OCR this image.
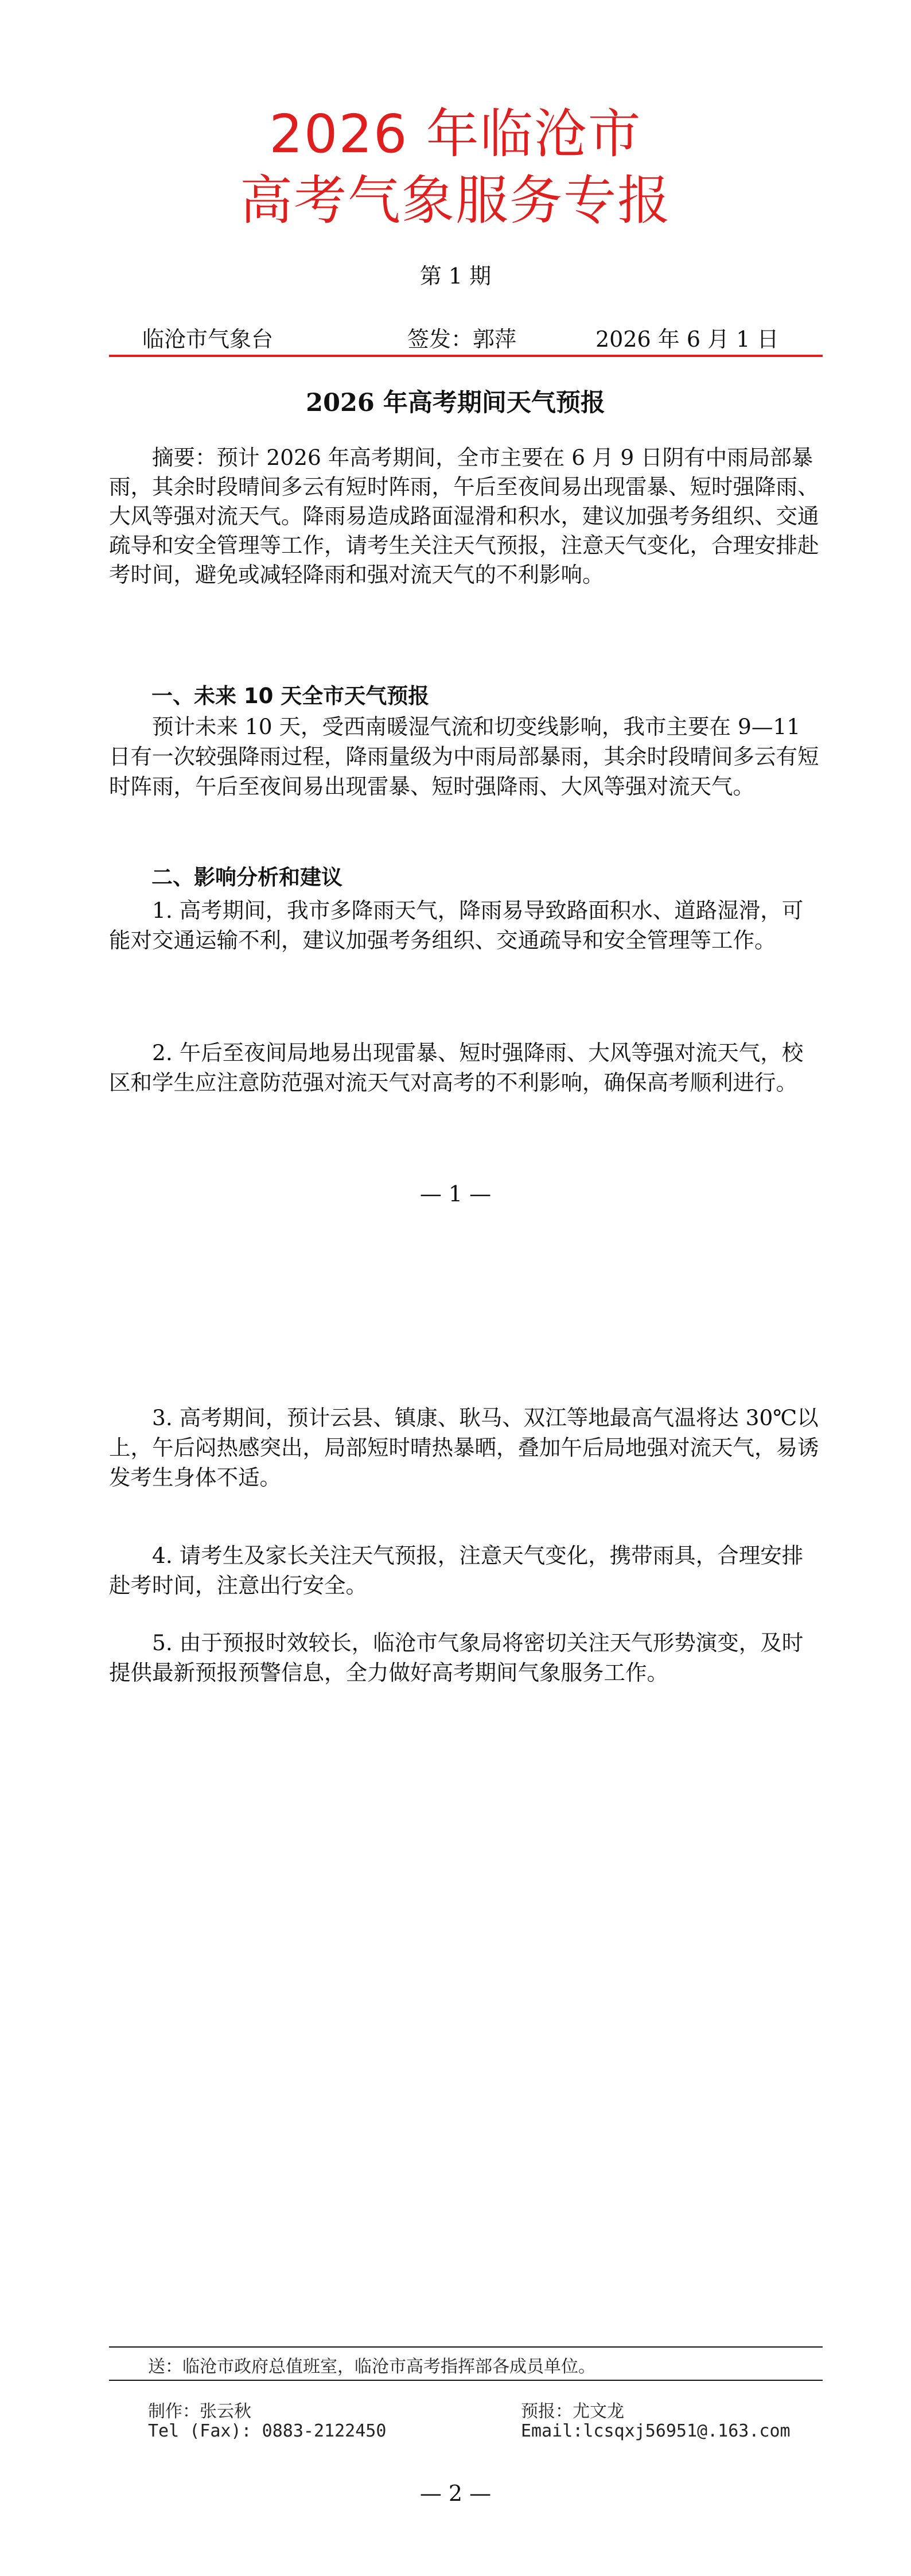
2026 年临沧市
高考气象服务专报
第 1 期
临沧市气象台	签发：郭萍	2026 年 6 月 1 日
2026 年高考期间天气预报

摘要：预计 2026 年高考期间，全市主要在 6 月 9 日阴有中雨局部暴雨，其余时段晴间多云有短时阵雨，午后至夜间易出现雷暴、短时强降雨、大风等强对流天气。降雨易造成路面湿滑和积水，建议加强考务组织、交通疏导和安全管理等工作，请考生关注天气预报，注意天气变化，合理安排赴考时间，避免或减轻降雨和强对流天气的不利影响。

一、未来 10 天全市天气预报

预计未来 10 天，受西南暖湿气流和切变线影响，我市主要在 9—11 日有一次较强降雨过程，降雨量级为中雨局部暴雨，其余时段晴间多云有短时阵雨，午后至夜间易出现雷暴、短时强降雨、大风等强对流天气。

二、影响分析和建议

1. 高考期间，我市多降雨天气，降雨易导致路面积水、道路湿滑，可能对交通运输不利，建议加强考务组织、交通疏导和安全管理等工作。

2. 午后至夜间局地易出现雷暴、短时强降雨、大风等强对流天气，校区和学生应注意防范强对流天气对高考的不利影响，确保高考顺利进行。

— 1 —

3. 高考期间，预计云县、镇康、耿马、双江等地最高气温将达 30℃以上，午后闷热感突出，局部短时晴热暴晒，叠加午后局地强对流天气，易诱发考生身体不适。

4. 请考生及家长关注天气预报，注意天气变化，携带雨具，合理安排赴考时间，注意出行安全。

5. 由于预报时效较长，临沧市气象局将密切关注天气形势演变，及时提供最新预报预警信息，全力做好高考期间气象服务工作。

送：临沧市政府总值班室，临沧市高考指挥部各成员单位。
制作：张云秋	预报：尤文龙
Tel (Fax): 0883-2122450	Email:lcsqxj56951@.163.com
— 2 —
